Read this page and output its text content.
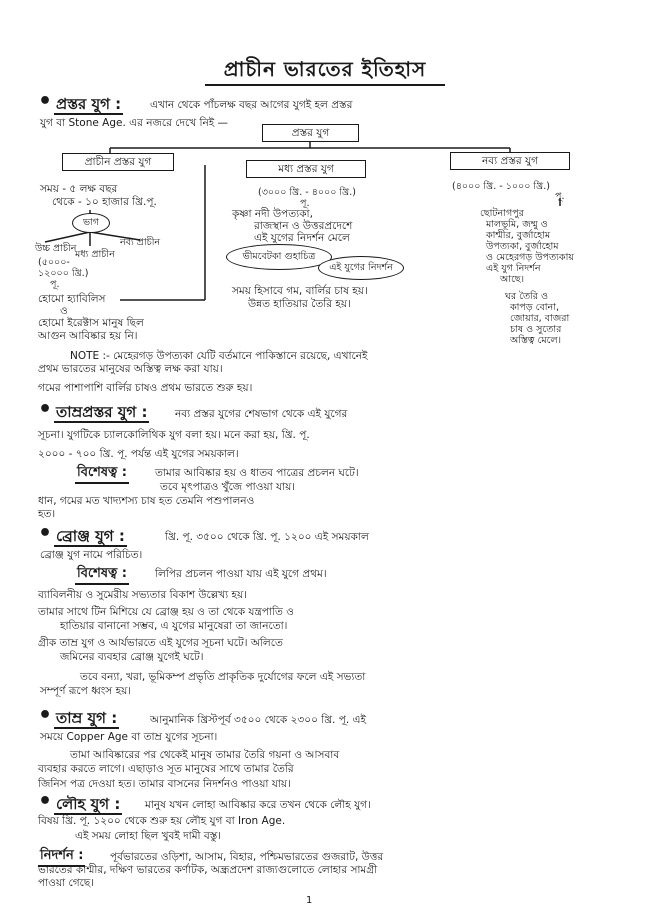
প্রাচীন ভারতের ইতিহাস
• প্রস্তর যুগ :	এখান থেকে পাঁচলক্ষ বছর আগের যুগই হল প্রস্তর
যুগ বা Stone Age. এর নজরে দেখে নিই —
প্রস্তর যুগ
প্রাচীন প্রস্তর যুগ
মধ্য প্রস্তর যুগ
নব্য প্রস্তর যুগ
সময় - ৫ লক্ষ বছর
থেকে - ১০ হাজার খ্রি.পূ.
ভাগ
উচ্চ প্রাচীন
নব্য প্রাচীন
মধ্য প্রাচীন
(৫০০০-
১২০০০ খ্রি.)
পূ.
(৩০০০ খ্রি. - ৪০০০ খ্রি.)
পূ.
কৃষ্ণা নদী উপত্যকা,
রাজস্থান ও উত্তরপ্রদেশে
এই যুগের নিদর্শন মেলে
ভীমবেটকা গুহাচিত্র
এই যুগের নিদর্শন
সময় হিসাবে গম, বার্লির চাষ হয়।
উন্নত হাতিয়ার তৈরি হয়।
(৪০০০ খ্রি. - ১০০০ খ্রি.)
পূ.
ছোটনাগপুর
মালভূমি, জম্মু ও
কাশ্মীর, বুর্জাহোম
উপত্যকা, বুর্জাহোম
ও মেহেরগড় উপত্যকায়
এই যুগ নিদর্শন
আছে।
ঘর তৈরি ও
কাপড় বোনা,
জোয়ার, বাজরা
চাষ ও সুতোর
অস্তিত্ব মেলে।
হোমো হ্যাবিলিস
ও
হোমো ইরেক্টাস মানুষ ছিল
আগুন আবিষ্কার হয় নি।
NOTE :- মেহেরগড় উপত্যকা যেটি বর্তমানে পাকিস্তানে রয়েছে, এখানেই
প্রথম ভারতের মানুষের অস্তিত্ব লক্ষ করা যায়।
গমের পাশাপাশি বার্লির চাষও প্রথম ভারতে শুরু হয়।
• তাম্রপ্রস্তর যুগ :	নব্য প্রস্তর যুগের শেষভাগ থেকে এই যুগের
সূচনা। যুগটিকে চ্যালকোলিথিক যুগ বলা হয়। মনে করা হয়, খ্রি. পূ.
২০০০ - ৭০০ খ্রি. পূ. পর্যন্ত এই যুগের সময়কাল।
বিশেষত্ব :	তামার আবিষ্কার হয় ও ধাতব পাত্রের প্রচলন ঘটে।
তবে মৃৎপাত্রও খুঁজে পাওয়া যায়।
ধান, গমের মত খাদ্যশস্য চাষ হত তেমনি পশুপালনও
হত।
• ব্রোঞ্জ যুগ :	খ্রি. পূ. ৩৫০০ থেকে খ্রি. পূ. ১২০০ এই সময়কাল
ব্রোঞ্জ যুগ নামে পরিচিত।
বিশেষত্ব :	লিপির প্রচলন পাওয়া যায় এই যুগে প্রথম।
ব্যাবিলনীয় ও সুমেরীয় সভ্যতার বিকাশ উল্লেখ্য হয়।
তামার সাথে টিন মিশিয়ে যে ব্রোঞ্জ হয় ও তা থেকে যন্ত্রপাতি ও
হাতিয়ার বানানো সম্ভব, এ যুগের মানুষেরা তা জানতো।
গ্রীক তাম্র যুগ ও আর্যভারতে এই যুগের সূচনা ঘটে। অলিতে
জমিনের ব্যবহার ব্রোঞ্জ যুগেই ঘটে।
তবে বন্যা, খরা, ভূমিকম্প প্রভৃতি প্রাকৃতিক দুর্যোগের ফলে এই সভ্যতা
সম্পূর্ণ রূপে ধ্বংস হয়।
• তাম্র যুগ :	আনুমানিক খ্রিস্টপূর্ব ৩৫০০ থেকে ২৩০০ খ্রি. পূ. এই
সময়ে Copper Age বা তাম্র যুগের সূচনা।
তামা আবিষ্কারের পর থেকেই মানুষ তামার তৈরি গয়না ও আসবাব
ব্যবহার করতে লাগে। এছাড়াও সূত মানুষের সাথে তামার তৈরি
জিনিস পত্র দেওয়া হত। তামার বাসনের নিদর্শনও পাওয়া যায়।
• লৌহ যুগ : মানুষ যখন লোহা আবিষ্কার করে তখন থেকে লৌহ যুগ।
বিষয় খ্রি. পূ. ১২০০ থেকে শুরু হয় লৌহ যুগ বা Iron Age.
এই সময় লোহা ছিল খুবই দামী বস্তু।
নিদর্শন :	পূর্বভারতের ওড়িশা, আসাম, বিহার, পশ্চিমভারতের গুজরাট, উত্তর
ভারতের কাশ্মীর, দক্ষিণ ভারতের কর্ণাটক, অন্ধ্রপ্রদেশ রাজ্যগুলোতে লোহার সামগ্রী
পাওয়া গেছে।
1
